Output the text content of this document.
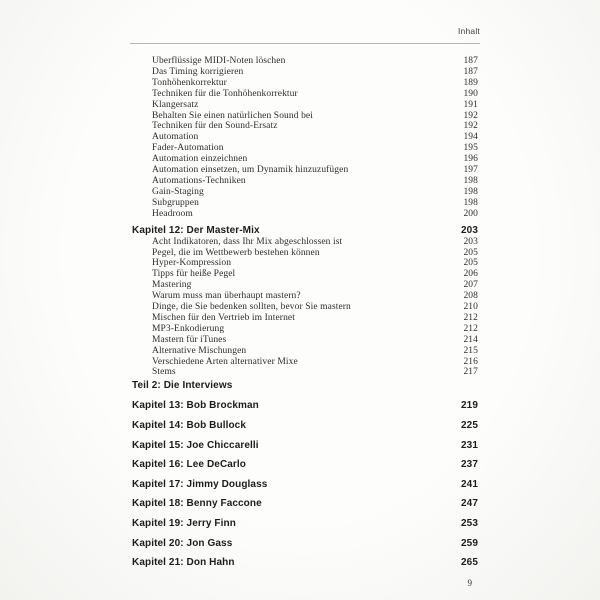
Inhalt
Überflüssige MIDI-Noten löschen	187
Das Timing korrigieren	187
Tonhöhenkorrektur	189
Techniken für die Tonhöhenkorrektur	190
Klangersatz	191
Behalten Sie einen natürlichen Sound bei	192
Techniken für den Sound-Ersatz	192
Automation	194
Fader-Automation	195
Automation einzeichnen	196
Automation einsetzen, um Dynamik hinzuzufügen	197
Automations-Techniken	198
Gain-Staging	198
Subgruppen	198
Headroom	200
Kapitel 12: Der Master-Mix	203
Acht Indikatoren, dass Ihr Mix abgeschlossen ist	203
Pegel, die im Wettbewerb bestehen können	205
Hyper-Kompression	205
Tipps für heiße Pegel	206
Mastering	207
Warum muss man überhaupt mastern?	208
Dinge, die Sie bedenken sollten, bevor Sie mastern	210
Mischen für den Vertrieb im Internet	212
MP3-Enkodierung	212
Mastern für iTunes	214
Alternative Mischungen	215
Verschiedene Arten alternativer Mixe	216
Stems	217
Teil 2: Die Interviews
Kapitel 13: Bob Brockman	219
Kapitel 14: Bob Bullock	225
Kapitel 15: Joe Chiccarelli	231
Kapitel 16: Lee DeCarlo	237
Kapitel 17: Jimmy Douglass	241
Kapitel 18: Benny Faccone	247
Kapitel 19: Jerry Finn	253
Kapitel 20: Jon Gass	259
Kapitel 21: Don Hahn	265
9
